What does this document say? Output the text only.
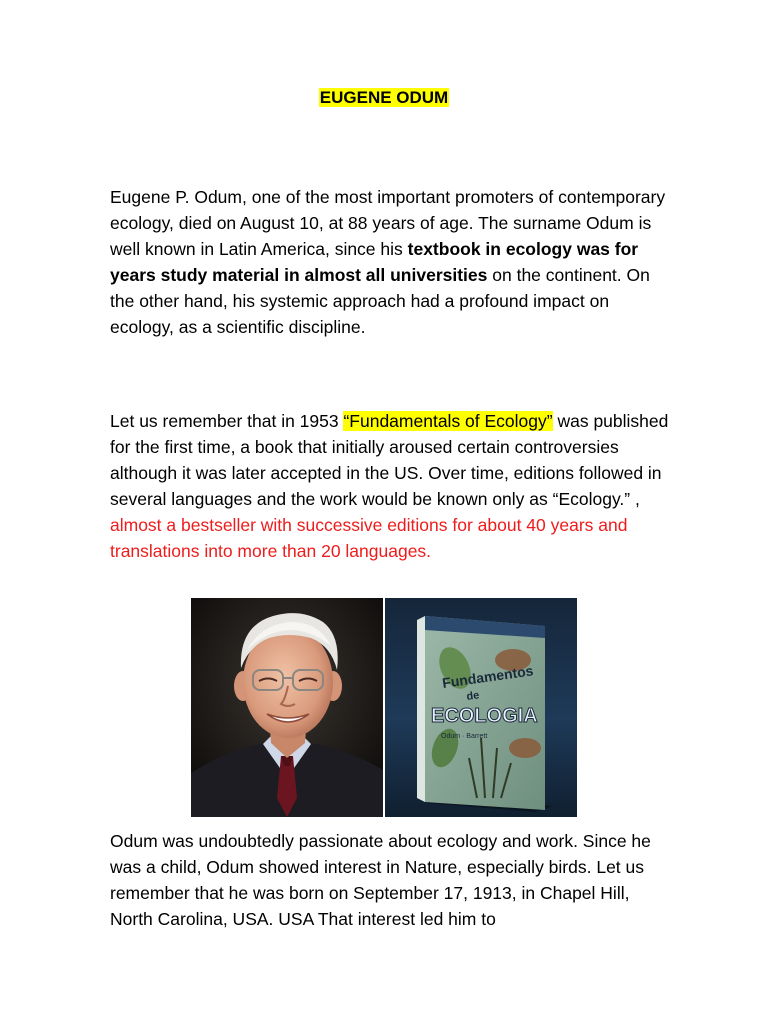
EUGENE ODUM

Eugene P. Odum, one of the most important promoters of contemporary ecology, died on August 10, at 88 years of age. The surname Odum is well known in Latin America, since his textbook in ecology was for years study material in almost all universities on the continent. On the other hand, his systemic approach had a profound impact on ecology, as a scientific discipline.

Let us remember that in 1953 “Fundamentals of Ecology” was published for the first time, a book that initially aroused certain controversies although it was later accepted in the US. Over time, editions followed in several languages and the work would be known only as “Ecology.” , almost a bestseller with successive editions for about 40 years and translations into more than 20 languages.

Fundamentos
de
ECOLOGIA
Odum · Barrett

Odum was undoubtedly passionate about ecology and work. Since he was a child, Odum showed interest in Nature, especially birds. Let us remember that he was born on September 17, 1913, in Chapel Hill, North Carolina, USA. USA That interest led him to
